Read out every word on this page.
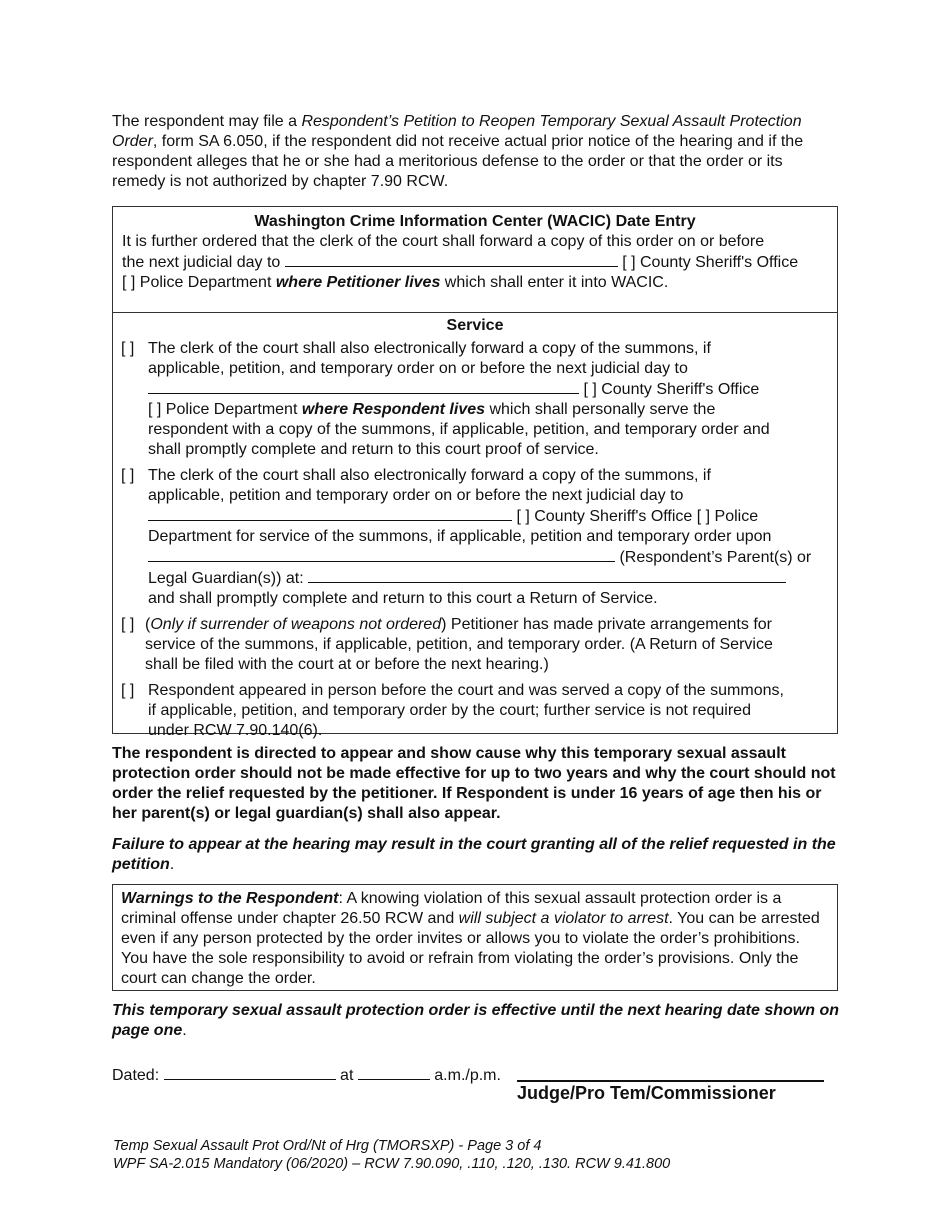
The respondent may file a Respondent’s Petition to Reopen Temporary Sexual Assault Protection Order, form SA 6.050, if the respondent did not receive actual prior notice of the hearing and if the respondent alleges that he or she had a meritorious defense to the order or that the order or its remedy is not authorized by chapter 7.90 RCW.
Washington Crime Information Center (WACIC) Date Entry
It is further ordered that the clerk of the court shall forward a copy of this order on or before
the next judicial day to	[ ] County Sheriff's Office
[ ] Police Department where Petitioner lives which shall enter it into WACIC.
Service
[ ] The clerk of the court shall also electronically forward a copy of the summons, if
applicable, petition, and temporary order on or before the next judicial day to
[ ] County Sheriff's Office
[ ] Police Department where Respondent lives which shall personally serve the
respondent with a copy of the summons, if applicable, petition, and temporary order and
shall promptly complete and return to this court proof of service.
[ ] The clerk of the court shall also electronically forward a copy of the summons, if
applicable, petition and temporary order on or before the next judicial day to
[ ] County Sheriff's Office [ ] Police
Department for service of the summons, if applicable, petition and temporary order upon
(Respondent’s Parent(s) or
Legal Guardian(s)) at:
and shall promptly complete and return to this court a Return of Service.
[ ] (Only if surrender of weapons not ordered) Petitioner has made private arrangements for
service of the summons, if applicable, petition, and temporary order. (A Return of Service
shall be filed with the court at or before the next hearing.)
[ ] Respondent appeared in person before the court and was served a copy of the summons,
if applicable, petition, and temporary order by the court; further service is not required
under RCW 7.90.140(6).
The respondent is directed to appear and show cause why this temporary sexual assault protection order should not be made effective for up to two years and why the court should not order the relief requested by the petitioner. If Respondent is under 16 years of age then his or her parent(s) or legal guardian(s) shall also appear.
Failure to appear at the hearing may result in the court granting all of the relief requested in the petition.
Warnings to the Respondent: A knowing violation of this sexual assault protection order is a criminal offense under chapter 26.50 RCW and will subject a violator to arrest. You can be arrested even if any person protected by the order invites or allows you to violate the order’s prohibitions. You have the sole responsibility to avoid or refrain from violating the order’s provisions. Only the court can change the order.
This temporary sexual assault protection order is effective until the next hearing date shown on page one.
Dated:	at	a.m./p.m.
Judge/Pro Tem/Commissioner
Temp Sexual Assault Prot Ord/Nt of Hrg (TMORSXP) - Page 3 of 4
WPF SA-2.015 Mandatory (06/2020) – RCW 7.90.090, .110, .120, .130. RCW 9.41.800
